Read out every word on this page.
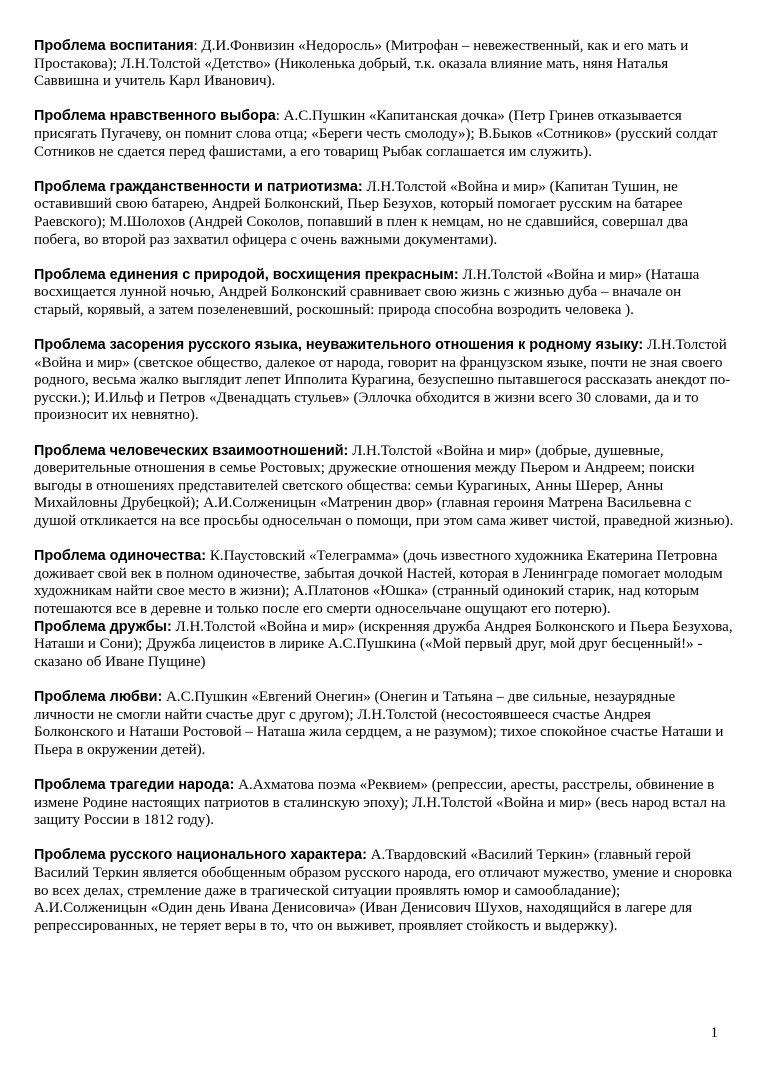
Проблема воспитания: Д.И.Фонвизин «Недоросль» (Митрофан – невежественный, как и его мать и Простакова); Л.Н.Толстой «Детство» (Николенька добрый, т.к. оказала влияние мать, няня Наталья Саввишна и учитель Карл Иванович).

Проблема нравственного выбора: А.С.Пушкин «Капитанская дочка» (Петр Гринев отказывается присягать Пугачеву, он помнит слова отца; «Береги честь смолоду»); В.Быков «Сотников» (русский солдат Сотников не сдается перед фашистами, а его товарищ Рыбак соглашается им служить).

Проблема гражданственности и патриотизма: Л.Н.Толстой «Война и мир» (Капитан Тушин, не оставивший свою батарею, Андрей Болконский, Пьер Безухов, который помогает русским на батарее Раевского); М.Шолохов (Андрей Соколов, попавший в плен к немцам, но не сдавшийся, совершал два побега, во второй раз захватил офицера с очень важными документами).

Проблема единения с природой, восхищения прекрасным: Л.Н.Толстой «Война и мир» (Наташа восхищается лунной ночью, Андрей Болконский сравнивает свою жизнь с жизнью дуба – вначале он старый, корявый, а затем позеленевший, роскошный: природа способна возродить человека ).

Проблема засорения русского языка, неуважительного отношения к родному языку: Л.Н.Толстой «Война и мир» (светское общество, далекое от народа, говорит на французском языке, почти не зная своего родного, весьма жалко выглядит лепет Ипполита Курагина, безуспешно пытавшегося рассказать анекдот по-русски.); И.Ильф и Петров «Двенадцать стульев» (Эллочка обходится в жизни всего 30 словами, да и то произносит их невнятно).

Проблема человеческих взаимоотношений: Л.Н.Толстой «Война и мир» (добрые, душевные, доверительные отношения в семье Ростовых; дружеские отношения между Пьером и Андреем; поиски выгоды в отношениях представителей светского общества: семьи Курагиных, Анны Шерер, Анны Михайловны Друбецкой); А.И.Солженицын «Матренин двор» (главная героиня Матрена Васильевна с душой откликается на все просьбы односельчан о помощи, при этом сама живет чистой, праведной жизнью).

Проблема одиночества: К.Паустовский «Телеграмма» (дочь известного художника Екатерина Петровна доживает свой век в полном одиночестве, забытая дочкой Настей, которая в Ленинграде помогает молодым художникам найти свое место в жизни); А.Платонов «Юшка» (странный одинокий старик, над которым потешаются все в деревне и только после его смерти односельчане ощущают его потерю).

Проблема дружбы: Л.Н.Толстой «Война и мир» (искренняя дружба Андрея Болконского и Пьера Безухова, Наташи и Сони); Дружба лицеистов в лирике А.С.Пушкина («Мой первый друг, мой друг бесценный!» - сказано об Иване Пущине)

Проблема любви: А.С.Пушкин «Евгений Онегин» (Онегин и Татьяна – две сильные, незаурядные личности не смогли найти счастье друг с другом); Л.Н.Толстой (несостоявшееся счастье Андрея Болконского и Наташи Ростовой – Наташа жила сердцем, а не разумом); тихое спокойное счастье Наташи и Пьера в окружении детей).

Проблема трагедии народа: А.Ахматова поэма «Реквием» (репрессии, аресты, расстрелы, обвинение в измене Родине настоящих патриотов в сталинскую эпоху); Л.Н.Толстой «Война и мир» (весь народ встал на защиту России в 1812 году).

Проблема русского национального характера: А.Твардовский «Василий Теркин» (главный герой Василий Теркин является обобщенным образом русского народа, его отличают мужество, умение и сноровка во всех делах, стремление даже в трагической ситуации проявлять юмор и самообладание); А.И.Солженицын «Один день Ивана Денисовича» (Иван Денисович Шухов, находящийся в лагере для репрессированных, не теряет веры в то, что он выживет, проявляет стойкость и выдержку).

1
